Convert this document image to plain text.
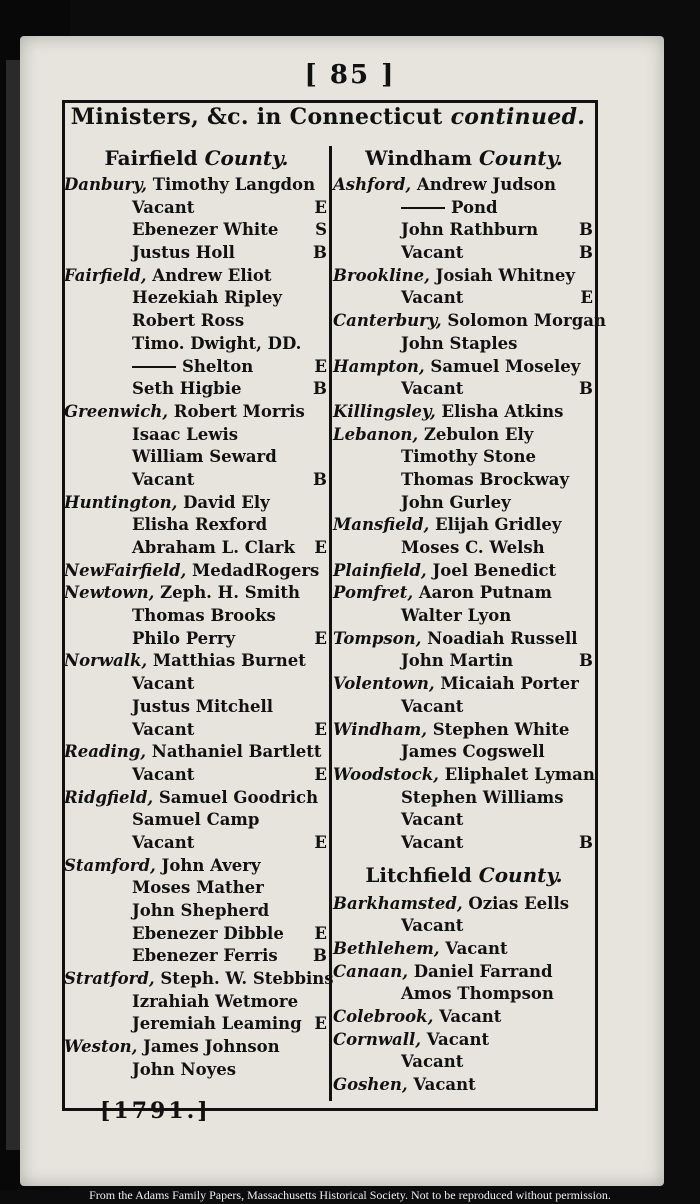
[ 85 ]
Ministers, &c. in Connecticut continued.
Fairfield County.
Danbury, Timothy Langdon
Vacant	E
Ebenezer White S
Justus Holl	B
Fairfield, Andrew Eliot
Hezekiah Ripley
Robert Ross
Timo. Dwight, DD.
Shelton	E
Seth Higbie	B
Greenwich, Robert Morris
Isaac Lewis
William Seward
Vacant	B
Huntington, David Ely
Elisha Rexford
Abraham L. Clark E
NewFairfield, MedadRogers
Newtown, Zeph. H. Smith
Thomas Brooks
Philo Perry	E
Norwalk, Matthias Burnet
Vacant
Justus Mitchell
Vacant	E
Reading, Nathaniel Bartlett
Vacant	E
Ridgfield, Samuel Goodrich
Samuel Camp
Vacant	E
Stamford, John Avery
Moses Mather
John Shepherd
Ebenezer Dibble E
Ebenezer Ferris B
Stratford, Steph. W. Stebbins
Izrahiah Wetmore
Jeremiah Leaming E
Weston, James Johnson
John Noyes
Windham County.
Ashford, Andrew Judson
Pond
John Rathburn B
Vacant	B
Brookline, Josiah Whitney
Vacant	E
Canterbury, Solomon Morgan
John Staples
Hampton, Samuel Moseley
Vacant	B
Killingsley, Elisha Atkins
Lebanon, Zebulon Ely
Timothy Stone
Thomas Brockway
John Gurley
Mansfield, Elijah Gridley
Moses C. Welsh
Plainfield, Joel Benedict
Pomfret, Aaron Putnam
Walter Lyon
Tompson, Noadiah Russell
John Martin	B
Volentown, Micaiah Porter
Vacant
Windham, Stephen White
James Cogswell
Woodstock, Eliphalet Lyman
Stephen Williams
Vacant
Vacant	B
Litchfield County.
Barkhamsted, Ozias Eells
Vacant
Bethlehem, Vacant
Canaan, Daniel Farrand
Amos Thompson
Colebrook, Vacant
Cornwall, Vacant
Vacant
Goshen, Vacant
[1791.]
From the Adams Family Papers, Massachusetts Historical Society. Not to be reproduced without permission.
